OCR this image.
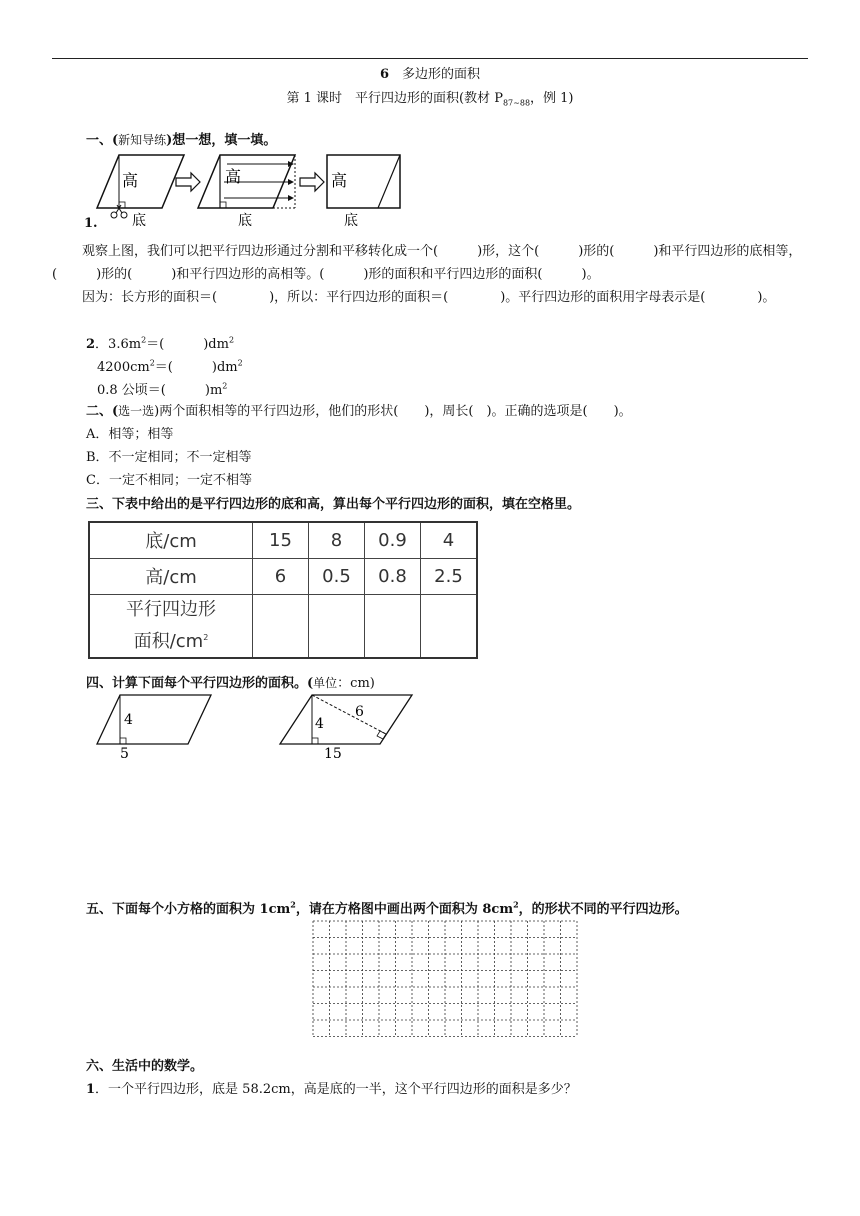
6　 多边形的面积
第 1 课时　平行四边形的面积(教材 $P_{87\sim 88}$，例 1)
一、(新知导练)想一想，填一填。
1.
高
底
高
底
高
底
观察上图，我们可以把平行四边形通过分割和平移转化成一个(　　　)形，这个(　　　)形的(　　　)和平行四边形的底相等，(　　　)形的(　　　)和平行四边形的高相等。(　　　)形的面积和平行四边形的面积(　　　)。
因为：长方形的面积＝(　　　　)，所以：平行四边形的面积＝(　　　　)。平行四边形的面积用字母表示是(　　　　)。
2．$3.6m^2=$(　　　)$dm^2$
$4200cm^2=$(　　　)$dm^2$
0.8 公顷＝(　　　)$m^2$
二、(选一选)两个面积相等的平行四边形，他们的形状(　　)，周长(　)。正确的选项是(　　)。
A．相等；相等
B．不一定相同；不一定相等
C．一定不相同；一定不相等
三、下表中给出的是平行四边形的底和高，算出每个平行四边形的面积，填在空格里。
底/cm	15	8	0.9	4
高/cm	6	0.5	0.8	2.5

平行四边形
面积$/cm^2$

四、计算下面每个平行四边形的面积。(单位：cm)
4
5
4
6
15
五、下面每个小方格的面积为 $1cm^2$，请在方格图中画出两个面积为 $8cm^2$，的形状不同的平行四边形。
六、生活中的数学。
1．一个平行四边形，底是 58.2cm，高是底的一半，这个平行四边形的面积是多少？
